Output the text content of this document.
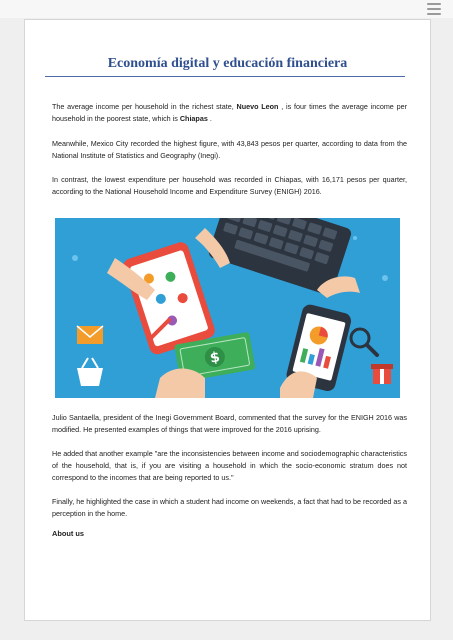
Economía digital y educación financiera

The average income per household in the richest state, Nuevo Leon , is four times the average income per household in the poorest state, which is Chiapas .

Meanwhile, Mexico City recorded the highest figure, with 43,843 pesos per quarter, according to data from the National Institute of Statistics and Geography (Inegi).

In contrast, the lowest expenditure per household was recorded in Chiapas, with 16,171 pesos per quarter, according to the National Household Income and Expenditure Survey (ENIGH) 2016.

$

Julio Santaella, president of the Inegi Government Board, commented that the survey for the ENIGH 2016 was modified. He presented examples of things that were improved for the 2016 uprising.

He added that another example "are the inconsistencies between income and sociodemographic characteristics of the household, that is, if you are visiting a household in which the socio-economic stratum does not correspond to the incomes that are being reported to us."

Finally, he highlighted the case in which a student had income on weekends, a fact that had to be recorded as a perception in the home.

About us
